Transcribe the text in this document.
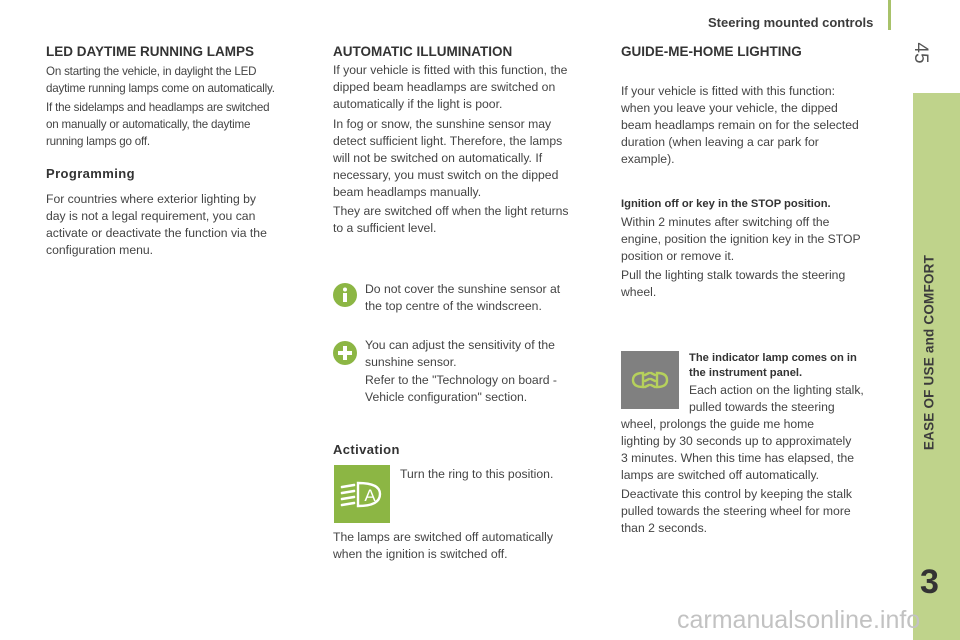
Steering mounted controls
45
EASE OF USE and COMFORT
3
LED DAYTIME RUNNING LAMPS

On starting the vehicle, in daylight the LED

daytime running lamps come on automatically.

If the sidelamps and headlamps are switched

on manually or automatically, the daytime

running lamps go off.

Programming

For countries where exterior lighting by

day is not a legal requirement, you can

activate or deactivate the function via the

configuration menu.

AUTOMATIC ILLUMINATION

If your vehicle is fitted with this function, the

dipped beam headlamps are switched on

automatically if the light is poor.

In fog or snow, the sunshine sensor may

detect sufficient light. Therefore, the lamps

will not be switched on automatically. If

necessary, you must switch on the dipped

beam headlamps manually.

They are switched off when the light returns

to a sufficient level.

Do not cover the sunshine sensor at

the top centre of the windscreen.

You can adjust the sensitivity of the

sunshine sensor.

Refer to the "Technology on board -

Vehicle configuration" section.

Activation
A
Turn the ring to this position.

The lamps are switched off automatically

when the ignition is switched off.

GUIDE-ME-HOME LIGHTING

If your vehicle is fitted with this function:

when you leave your vehicle, the dipped

beam headlamps remain on for the selected

duration (when leaving a car park for

example).

Ignition off or key in the STOP position.

Within 2 minutes after switching off the

engine, position the ignition key in the STOP

position or remove it.

Pull the lighting stalk towards the steering

wheel.

The indicator lamp comes on in

the instrument panel.

Each action on the lighting stalk,

pulled towards the steering

wheel, prolongs the guide me home

lighting by 30 seconds up to approximately

3 minutes. When this time has elapsed, the

lamps are switched off automatically.

Deactivate this control by keeping the stalk

pulled towards the steering wheel for more

than 2 seconds.

carmanualsonline.info
